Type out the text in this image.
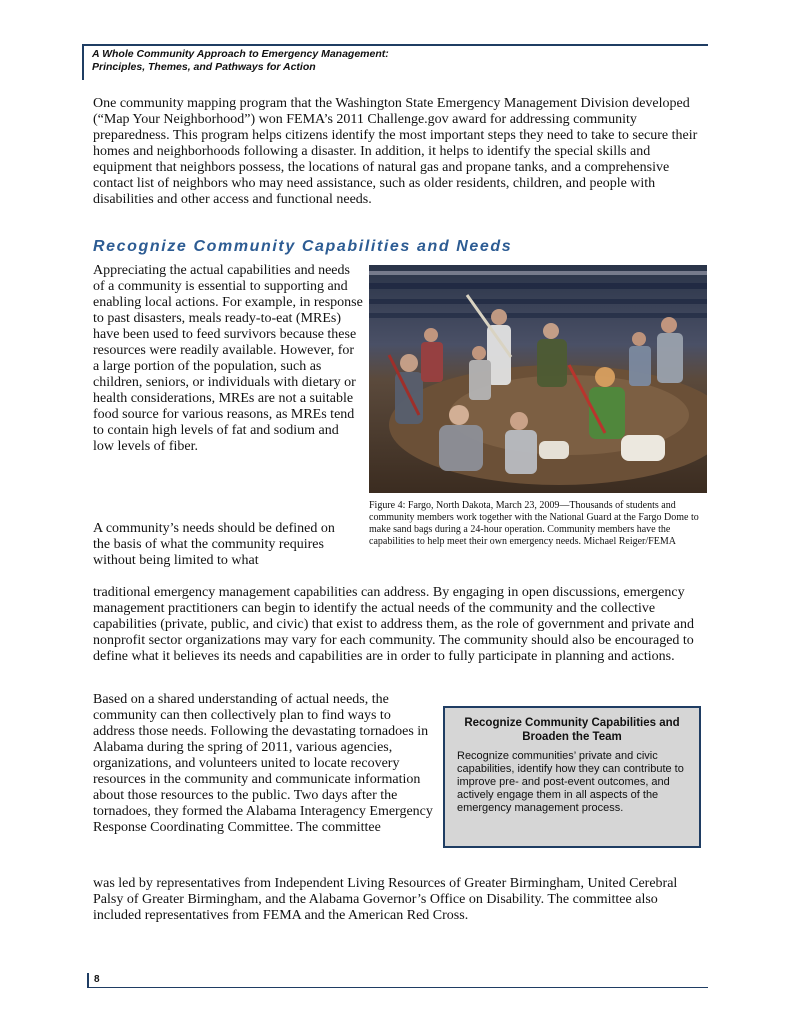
A Whole Community Approach to Emergency Management:
Principles, Themes, and Pathways for Action
One community mapping program that the Washington State Emergency Management Division developed (“Map Your Neighborhood”) won FEMA’s 2011 Challenge.gov award for addressing community preparedness. This program helps citizens identify the most important steps they need to take to secure their homes and neighborhoods following a disaster. In addition, it helps to identify the special skills and equipment that neighbors possess, the locations of natural gas and propane tanks, and a comprehensive contact list of neighbors who may need assistance, such as older residents, children, and people with disabilities and other access and functional needs.
Recognize Community Capabilities and Needs
Appreciating the actual capabilities and needs of a community is essential to supporting and enabling local actions. For example, in response to past disasters, meals ready-to-eat (MREs) have been used to feed survivors because these resources were readily available. However, for a large portion of the population, such as children, seniors, or individuals with dietary or health considerations, MREs are not a suitable food source for various reasons, as MREs tend to contain high levels of fat and sodium and low levels of fiber.
Figure 4: Fargo, North Dakota, March 23, 2009—Thousands of students and community members work together with the National Guard at the Fargo Dome to make sand bags during a 24-hour operation. Community members have the capabilities to help meet their own emergency needs. Michael Reiger/FEMA
A community’s needs should be defined on the basis of what the community requires without being limited to what
traditional emergency management capabilities can address. By engaging in open discussions, emergency management practitioners can begin to identify the actual needs of the community and the collective capabilities (private, public, and civic) that exist to address them, as the role of government and private and nonprofit sector organizations may vary for each community. The community should also be encouraged to define what it believes its needs and capabilities are in order to fully participate in planning and actions.
Based on a shared understanding of actual needs, the community can then collectively plan to find ways to address those needs. Following the devastating tornadoes in Alabama during the spring of 2011, various agencies, organizations, and volunteers united to locate recovery resources in the community and communicate information about those resources to the public. Two days after the tornadoes, they formed the Alabama Interagency Emergency Response Coordinating Committee. The committee
was led by representatives from Independent Living Resources of Greater Birmingham, United Cerebral Palsy of Greater Birmingham, and the Alabama Governor’s Office on Disability. The committee also included representatives from FEMA and the American Red Cross.
Recognize Community Capabilities and Broaden the Team
Recognize communities’ private and civic capabilities, identify how they can contribute to improve pre- and post-event outcomes, and actively engage them in all aspects of the emergency management process.
8
